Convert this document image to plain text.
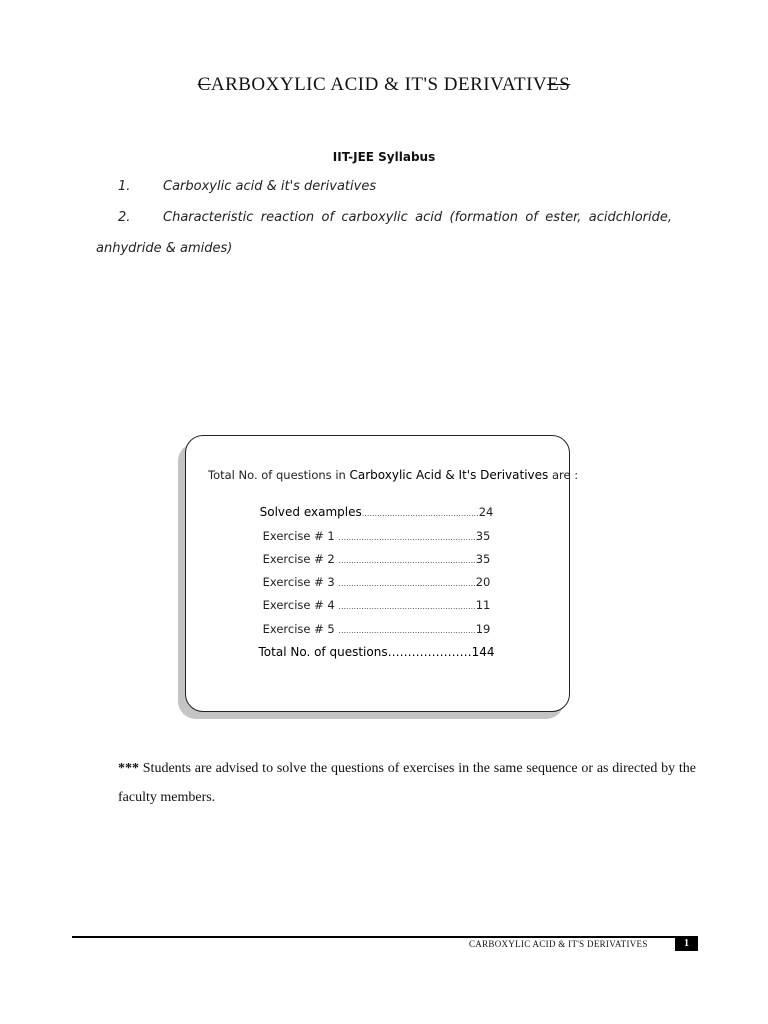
CARBOXYLIC ACID & IT'S DERIVATIVES
IIT-JEE Syllabus
1.	Carboxylic acid & it's derivatives
2.	Characteristic reaction of carboxylic acid (formation of ester, acidchloride,
anhydride & amides)
Total No. of questions in Carboxylic Acid & It's Derivatives are :
Solved examples..............................................24
Exercise # 1 ......................................................35
Exercise # 2 ......................................................35
Exercise # 3 ......................................................20
Exercise # 4 ......................................................11
Exercise # 5 ......................................................19
Total No. of questions…………………144
*** Students are advised to solve the questions of exercises in the same sequence or as directed by the faculty members.
CARBOXYLIC ACID & IT'S DERIVATIVES	1
